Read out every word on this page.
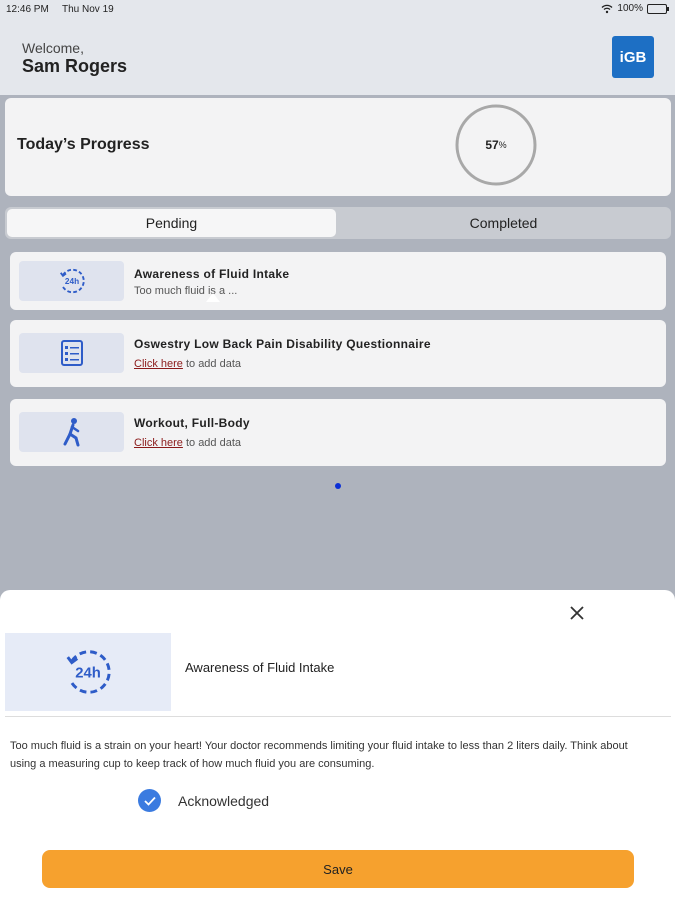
12:46 PM Thu Nov 19	100%
Welcome,
Sam Rogers	iGB
Today’s Progress	57 %
Pending	Completed
24h
Awareness of Fluid Intake
Too much fluid is a ...
Oswestry Low Back Pain Disability Questionnaire
Click here to add data
Workout, Full-Body
Click here to add data
24h	Awareness of Fluid Intake
Too much fluid is a strain on your heart! Your doctor recommends limiting your fluid intake to less than 2 liters daily. Think about using a measuring cup to keep track of how much fluid you are consuming.
Acknowledged
Save
